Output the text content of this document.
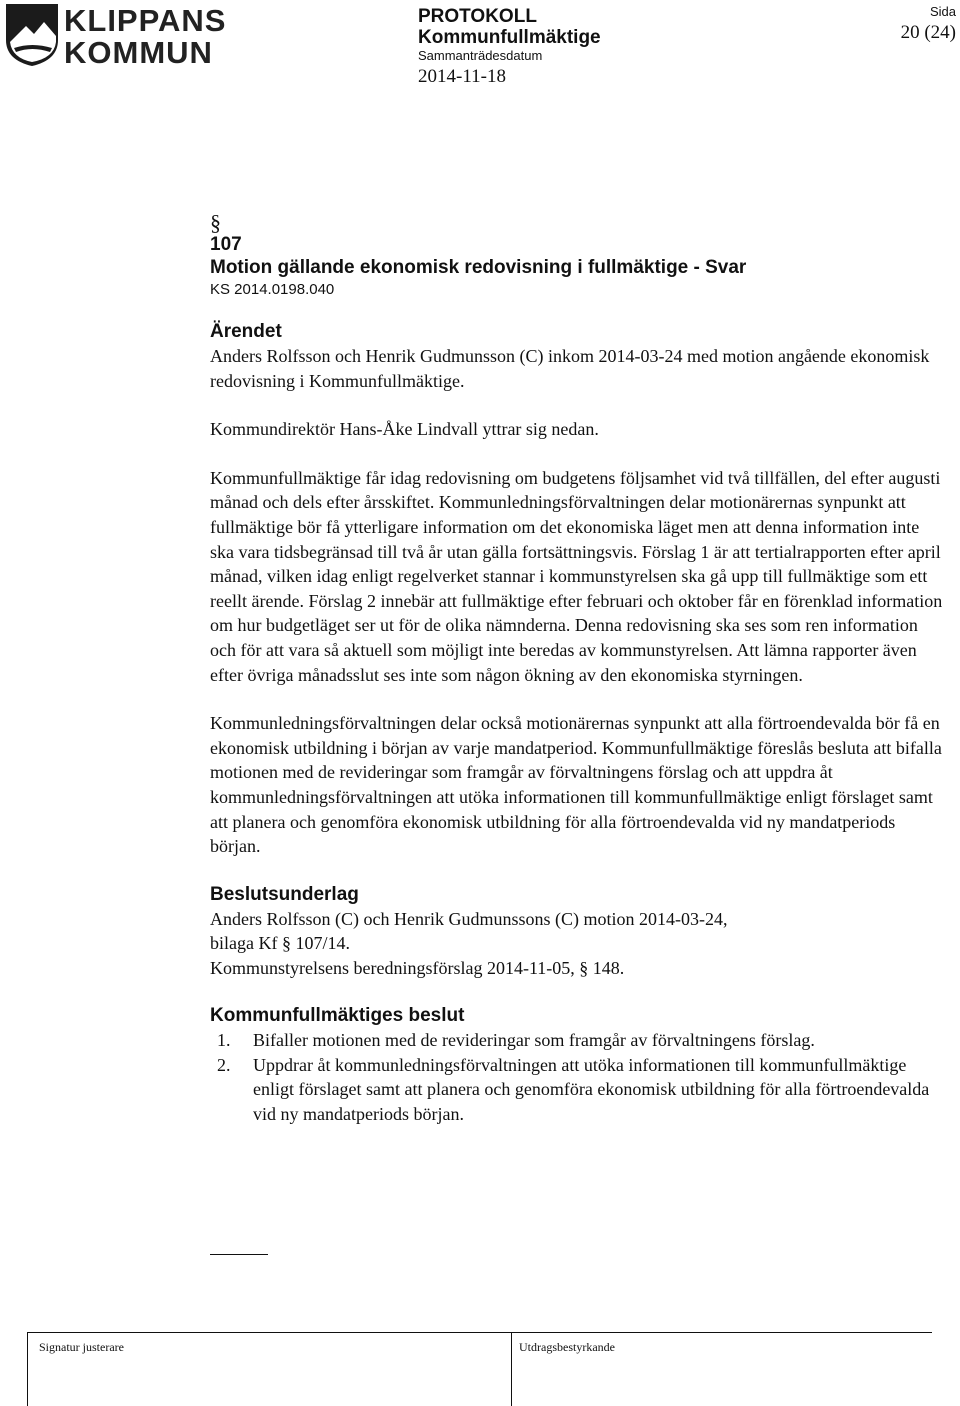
KLIPPANS
KOMMUN
PROTOKOLL
Kommunfullmäktige
Sammanträdesdatum
2014-11-18
Sida
20 (24)
§
107
Motion gällande ekonomisk redovisning i fullmäktige - Svar
KS 2014.0198.040
Ärendet

Anders Rolfsson och Henrik Gudmunsson (C) inkom 2014-03-24 med motion angående ekonomisk redovisning i Kommunfullmäktige.

Kommundirektör Hans-Åke Lindvall yttrar sig nedan.

Kommunfullmäktige får idag redovisning om budgetens följsamhet vid två tillfällen, del efter augusti månad och dels efter årsskiftet. Kommunledningsförvaltningen delar motionärernas synpunkt att fullmäktige bör få ytterligare information om det ekonomiska läget men att denna information inte ska vara tidsbegränsad till två år utan gälla fortsättningsvis. Förslag 1 är att tertialrapporten efter april månad, vilken idag enligt regelverket stannar i kommunstyrelsen ska gå upp till fullmäktige som ett reellt ärende. Förslag 2 innebär att fullmäktige efter februari och oktober får en förenklad information om hur budgetläget ser ut för de olika nämnderna. Denna redovisning ska ses som ren information och för att vara så aktuell som möjligt inte beredas av kommunstyrelsen. Att lämna rapporter även efter övriga månadsslut ses inte som någon ökning av den ekonomiska styrningen.

Kommunledningsförvaltningen delar också motionärernas synpunkt att alla förtroendevalda bör få en ekonomisk utbildning i början av varje mandatperiod. Kommunfullmäktige föreslås besluta att bifalla motionen med de revideringar som framgår av förvaltningens förslag och att uppdra åt kommunledningsförvaltningen att utöka informationen till kommunfullmäktige enligt förslaget samt att planera och genomföra ekonomisk utbildning för alla förtroendevalda vid ny mandatperiods början.

Beslutsunderlag

Anders Rolfsson (C) och Henrik Gudmunssons (C) motion 2014-03-24,

bilaga Kf § 107/14.

Kommunstyrelsens beredningsförslag 2014-11-05, § 148.

Kommunfullmäktiges beslut
1. Bifaller motionen med de revideringar som framgår av förvaltningens förslag.
2. Uppdrar åt kommunledningsförvaltningen att utöka informationen till kommunfullmäktige enligt förslaget samt att planera och genomföra ekonomisk utbildning för alla förtroendevalda vid ny mandatperiods början.
Signatur justerare	Utdragsbestyrkande
